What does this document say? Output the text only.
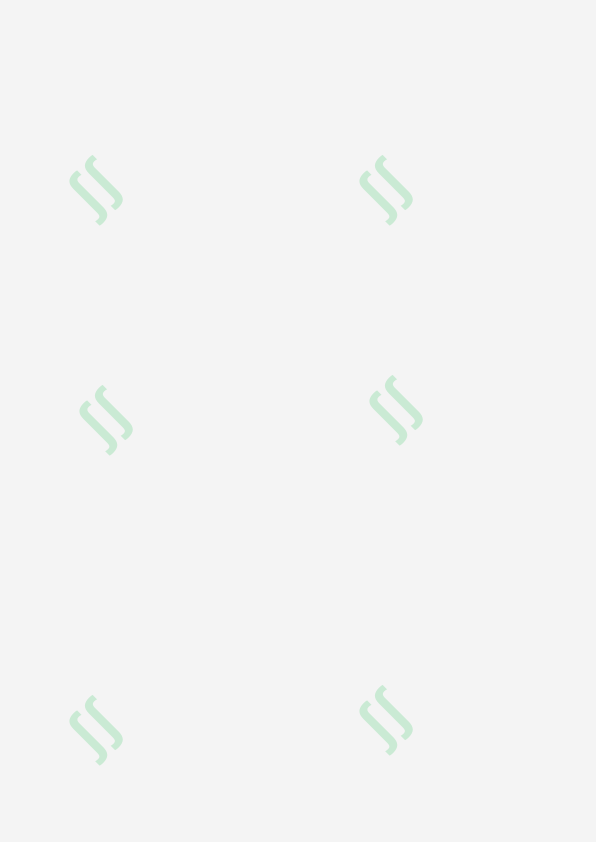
ʃʃ	ʃʃ
ʃʃ	ʃʃ
ʃʃ	ʃʃ
